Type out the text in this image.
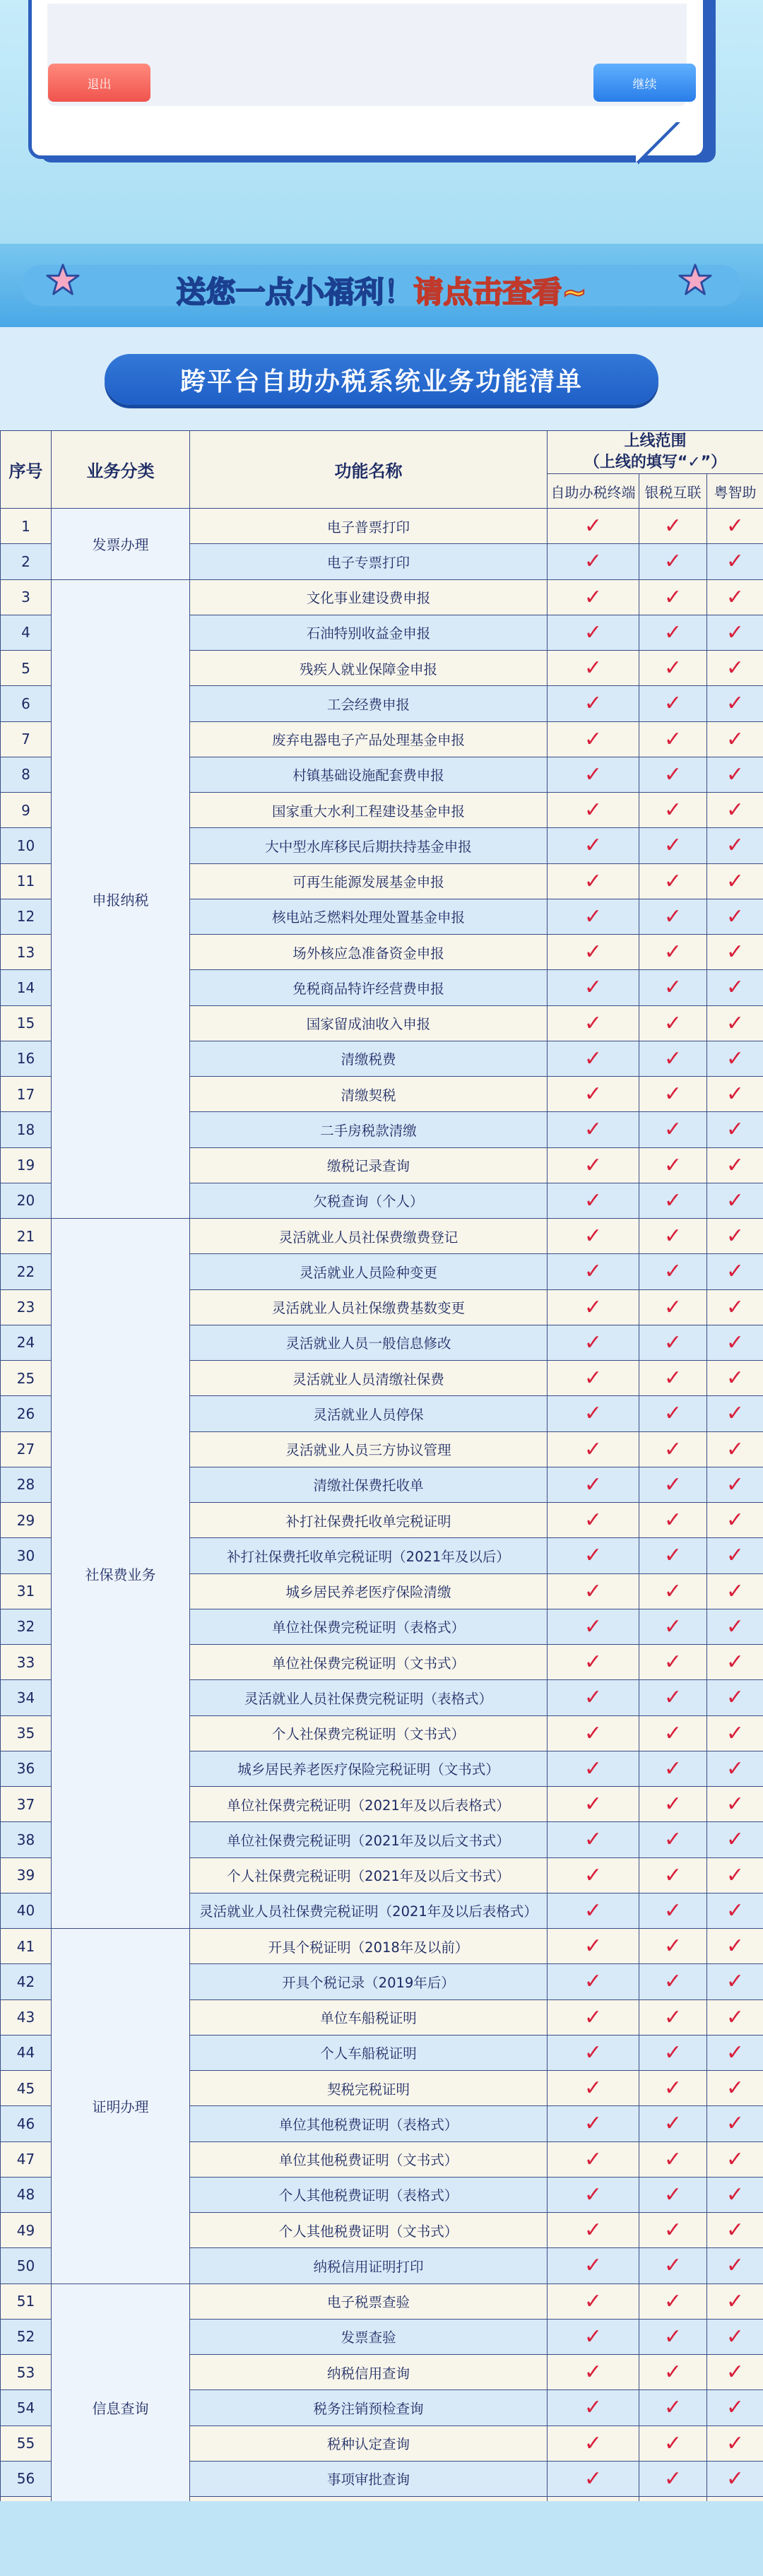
退出	继续
送您一点小福利！请点击查看~
跨平台自助办税系统业务功能清单
序号	业务分类	功能名称	上线范围
（上线的填写“✓”）		

			自助办税终端	银税互联	粤智助
1	发票办理	电子普票打印	✓	✓	✓
2		电子专票打印	✓	✓	✓
3	申报纳税	文化事业建设费申报	✓	✓	✓
4		石油特别收益金申报	✓	✓	✓
5		残疾人就业保障金申报	✓	✓	✓
6		工会经费申报	✓	✓	✓
7		废弃电器电子产品处理基金申报	✓	✓	✓
8		村镇基础设施配套费申报	✓	✓	✓
9		国家重大水利工程建设基金申报	✓	✓	✓
10		大中型水库移民后期扶持基金申报	✓	✓	✓
11		可再生能源发展基金申报	✓	✓	✓
12		核电站乏燃料处理处置基金申报	✓	✓	✓
13		场外核应急准备资金申报	✓	✓	✓
14		免税商品特许经营费申报	✓	✓	✓
15		国家留成油收入申报	✓	✓	✓
16		清缴税费	✓	✓	✓
17		清缴契税	✓	✓	✓
18		二手房税款清缴	✓	✓	✓
19		缴税记录查询	✓	✓	✓
20		欠税查询（个人）	✓	✓	✓
21	社保费业务	灵活就业人员社保费缴费登记	✓	✓	✓
22		灵活就业人员险种变更	✓	✓	✓
23		灵活就业人员社保缴费基数变更	✓	✓	✓
24		灵活就业人员一般信息修改	✓	✓	✓
25		灵活就业人员清缴社保费	✓	✓	✓
26		灵活就业人员停保	✓	✓	✓
27		灵活就业人员三方协议管理	✓	✓	✓
28		清缴社保费托收单	✓	✓	✓
29		补打社保费托收单完税证明	✓	✓	✓
30		补打社保费托收单完税证明（2021年及以后）	✓	✓	✓
31		城乡居民养老医疗保险清缴	✓	✓	✓
32		单位社保费完税证明（表格式）	✓	✓	✓
33		单位社保费完税证明（文书式）	✓	✓	✓
34		灵活就业人员社保费完税证明（表格式）	✓	✓	✓
35		个人社保费完税证明（文书式）	✓	✓	✓
36		城乡居民养老医疗保险完税证明（文书式）	✓	✓	✓
37		单位社保费完税证明（2021年及以后表格式）	✓	✓	✓
38		单位社保费完税证明（2021年及以后文书式）	✓	✓	✓
39		个人社保费完税证明（2021年及以后文书式）	✓	✓	✓
40		灵活就业人员社保费完税证明（2021年及以后表格式）	✓	✓	✓
41	证明办理	开具个税证明（2018年及以前）	✓	✓	✓
42		开具个税记录（2019年后）	✓	✓	✓
43		单位车船税证明	✓	✓	✓
44		个人车船税证明	✓	✓	✓
45		契税完税证明	✓	✓	✓
46		单位其他税费证明（表格式）	✓	✓	✓
47		单位其他税费证明（文书式）	✓	✓	✓
48		个人其他税费证明（表格式）	✓	✓	✓
49		个人其他税费证明（文书式）	✓	✓	✓
50		纳税信用证明打印	✓	✓	✓
51	信息查询	电子税票查验	✓	✓	✓
52		发票查验	✓	✓	✓
53		纳税信用查询	✓	✓	✓
54		税务注销预检查询	✓	✓	✓
55		税种认定查询	✓	✓	✓
56		事项审批查询	✓	✓	✓
